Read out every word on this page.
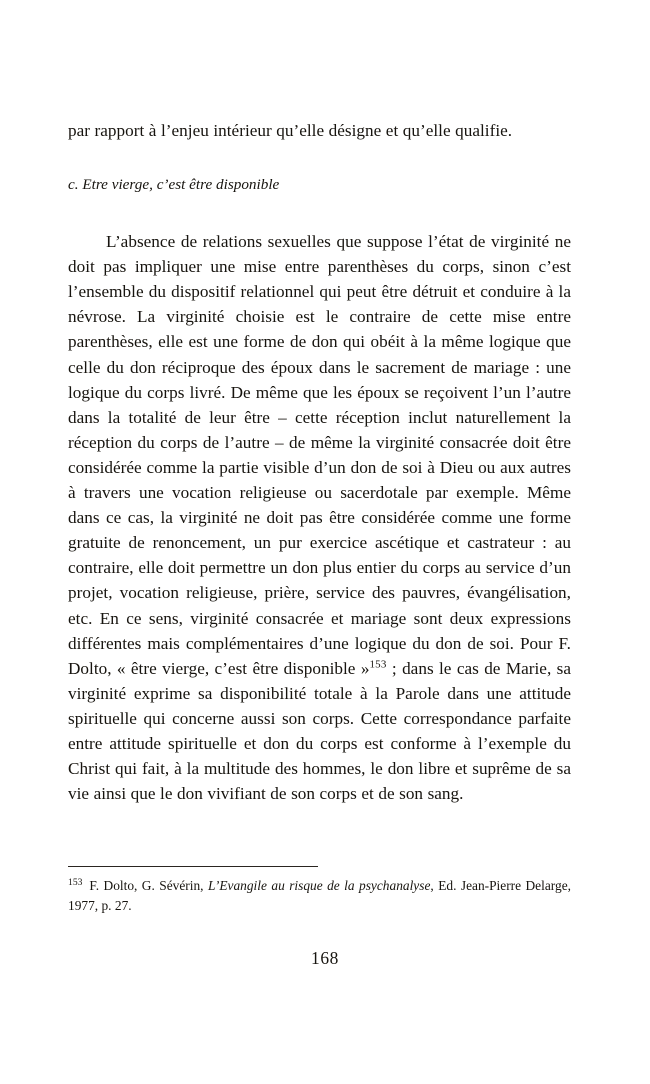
par rapport à l’enjeu intérieur qu’elle désigne et qu’elle qualifie.

c. Etre vierge, c’est être disponible

L’absence de relations sexuelles que suppose l’état de virginité ne doit pas impliquer une mise entre parenthèses du corps, sinon c’est l’ensemble du dispositif relationnel qui peut être détruit et conduire à la névrose. La virginité choisie est le contraire de cette mise entre parenthèses, elle est une forme de don qui obéit à la même logique que celle du don réciproque des époux dans le sacrement de mariage : une logique du corps livré. De même que les époux se reçoivent l’un l’autre dans la totalité de leur être – cette réception inclut naturellement la réception du corps de l’autre – de même la virginité consacrée doit être considérée comme la partie visible d’un don de soi à Dieu ou aux autres à travers une vocation religieuse ou sacerdotale par exemple. Même dans ce cas, la virginité ne doit pas être considérée comme une forme gratuite de renoncement, un pur exercice ascétique et castrateur : au contraire, elle doit permettre un don plus entier du corps au service d’un projet, vocation religieuse, prière, service des pauvres, évangélisation, etc. En ce sens, virginité consacrée et mariage sont deux expressions différentes mais complémentaires d’une logique du don de soi. Pour F. Dolto, « être vierge, c’est être disponible »$^{153}$ ; dans le cas de Marie, sa virginité exprime sa disponibilité totale à la Parole dans une attitude spirituelle qui concerne aussi son corps. Cette correspondance parfaite entre attitude spirituelle et don du corps est conforme à l’exemple du Christ qui fait, à la multitude des hommes, le don libre et suprême de sa vie ainsi que le don vivifiant de son corps et de son sang.

$^{153}$ F. Dolto, G. Sévérin, L’Evangile au risque de la psychanalyse, Ed. Jean-Pierre Delarge, 1977, p. 27.

168
